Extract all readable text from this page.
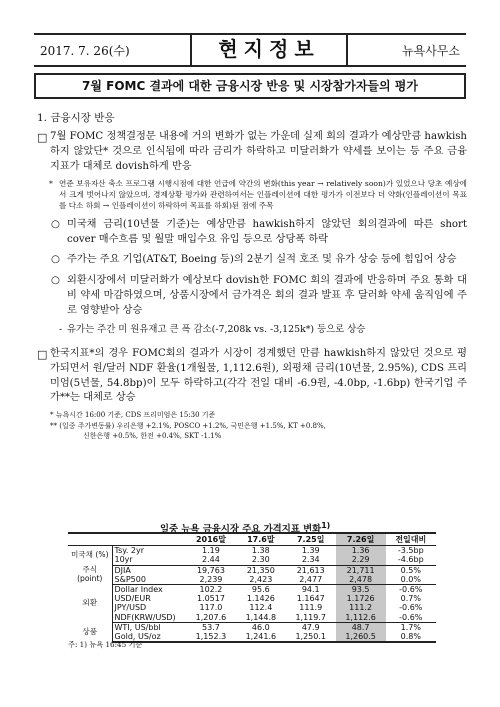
2017. 7. 26(수)	현지정보	뉴욕사무소
7월 FOMC 결과에 대한 금융시장 반응 및 시장참가자들의 평가
1. 금융시장 반응
□ 7월 FOMC 정책결정문 내용에 거의 변화가 없는 가운데 실제 회의 결과가 예상만큼 hawkish하지 않았단* 것으로 인식됨에 따라 금리가 하락하고 미달러화가 약세를 보이는 등 주요 금융지표가 대체로 dovish하게 반응
* 연준 보유자산 축소 프로그램 시행시점에 대한 언급에 약간의 변화(this year → relatively soon)가 있었으나 당초 예상에서 크게 벗어나지 않았으며, 경제상황 평가와 관련하여서는 인플레이션에 대한 평가가 이전보다 더 약화(인플레이션이 목표를 다소 하회 → 인플레이션이 하락하여 목표를 하회)된 점에 주목
○ 미국채 금리(10년물 기준)는 예상만큼 hawkish하지 않았던 회의결과에 따른 short cover 매수흐름 및 월말 매입수요 유입 등으로 상당폭 하락
○ 주가는 주요 기업(AT&T, Boeing 등)의 2분기 실적 호조 및 유가 상승 등에 힘입어 상승
○ 외환시장에서 미달러화가 예상보다 dovish한 FOMC 회의 결과에 반응하며 주요 통화 대비 약세 마감하였으며, 상품시장에서 금가격은 회의 결과 발표 후 달러화 약세 움직임에 주로 영향받아 상승
- 유가는 주간 미 원유재고 큰 폭 감소(-7,208k vs. -3,125k*) 등으로 상승
□ 한국지표*의 경우 FOMC회의 결과가 시장이 경계했던 만큼 hawkish하지 않았던 것으로 평가되면서 원/달러 NDF 환율(1개월물, 1,112.6원), 외평채 금리(10년물, 2.95%), CDS 프리미엄(5년물, 54.8bp)이 모두 하락하고(각각 전일 대비 -6.9원, -4.0bp, -1.6bp) 한국기업 주가**는 대체로 상승
* 뉴욕시간 16:00 기준, CDS 프리미엄은 15:30 기준
** (일중 주가변동률) 우리은행 +2.1%, POSCO +1.2%, 국민은행 +1.5%, KT +0.8%,
신한은행 +0.5%, 한전 +0.4%, SKT -1.1%
일중 뉴욕 금융시장 주요 가격지표 변화$^{1)}$
		2016말	17.6말	7.25일	7.26일	전일대비
미국채 (%)	Tsy. 2yr	1.19	1.38	1.39	1.36	-3.5bp
	10yr	2.44	2.30	2.34	2.29	-4.6bp
주식 (point)	DJIA	19,763	21,350	21,613	21,711	0.5%
	S&P500	2,239	2,423	2,477	2,478	0.0%
외환	Dollar Index	102.2	95.6	94.1	93.5	-0.6%
	USD/EUR	1.0517	1.1426	1.1647	1.1726	0.7%
	JPY/USD	117.0	112.4	111.9	111.2	-0.6%
	NDF(KRW/USD)	1,207.6	1,144.8	1,119.7	1,112.6	-0.6%
상품	WTI, US/bbl	53.7	46.0	47.9	48.7	1.7%
	Gold, US/oz	1,152.3	1,241.6	1,250.1	1,260.5	0.8%
주: 1) 뉴욕 16:45 기준
